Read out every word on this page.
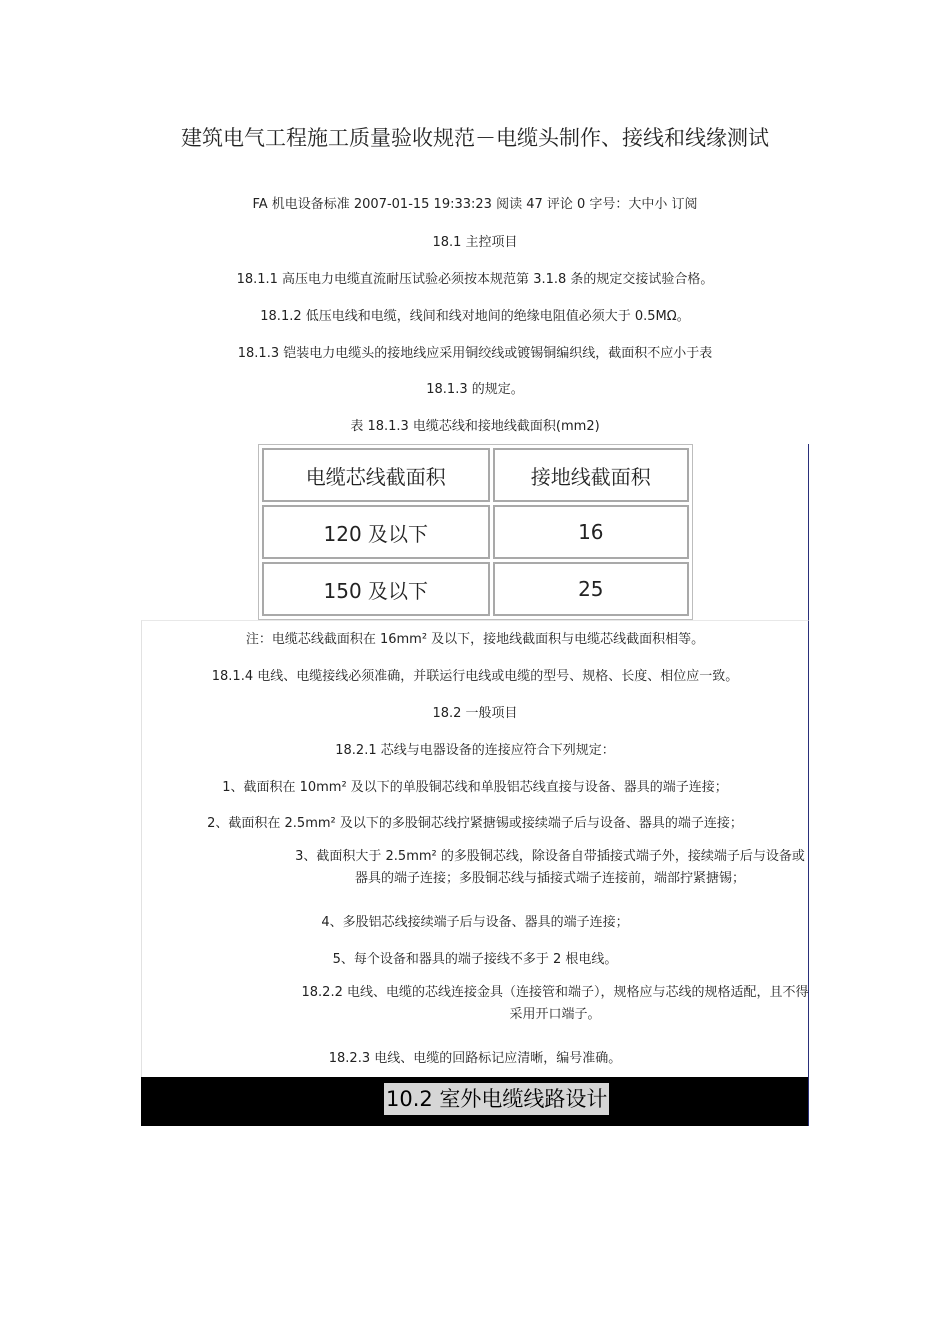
建筑电气工程施工质量验收规范－电缆头制作、接线和线缘测试
FA 机电设备标准 2007-01-15 19:33:23 阅读 47 评论 0 字号：大中小 订阅
18.1 主控项目
18.1.1 高压电力电缆直流耐压试验必须按本规范第 3.1.8 条的规定交接试验合格。
18.1.2 低压电线和电缆，线间和线对地间的绝缘电阻值必须大于 0.5MΩ。
18.1.3 铠装电力电缆头的接地线应采用铜绞线或镀锡铜编织线，截面积不应小于表
18.1.3 的规定。
表 18.1.3 电缆芯线和接地线截面积(mm2)
电缆芯线截面积	接地线截面积
120 及以下	16
150 及以下	25
注：电缆芯线截面积在 16mm² 及以下，接地线截面积与电缆芯线截面积相等。
18.1.4 电线、电缆接线必须准确，并联运行电线或电缆的型号、规格、长度、相位应一致。
18.2 一般项目
18.2.1 芯线与电器设备的连接应符合下列规定：
1、截面积在 10mm² 及以下的单股铜芯线和单股铝芯线直接与设备、器具的端子连接；
2、截面积在 2.5mm² 及以下的多股铜芯线拧紧搪锡或接续端子后与设备、器具的端子连接；
3、截面积大于 2.5mm² 的多股铜芯线，除设备自带插接式端子外，接续端子后与设备或器具的端子连接；多股铜芯线与插接式端子连接前，端部拧紧搪锡；
4、多股铝芯线接续端子后与设备、器具的端子连接；
5、每个设备和器具的端子接线不多于 2 根电线。
18.2.2 电线、电缆的芯线连接金具（连接管和端子），规格应与芯线的规格适配，且不得采用开口端子。
18.2.3 电线、电缆的回路标记应清晰，编号准确。
10.2 室外电缆线路设计
